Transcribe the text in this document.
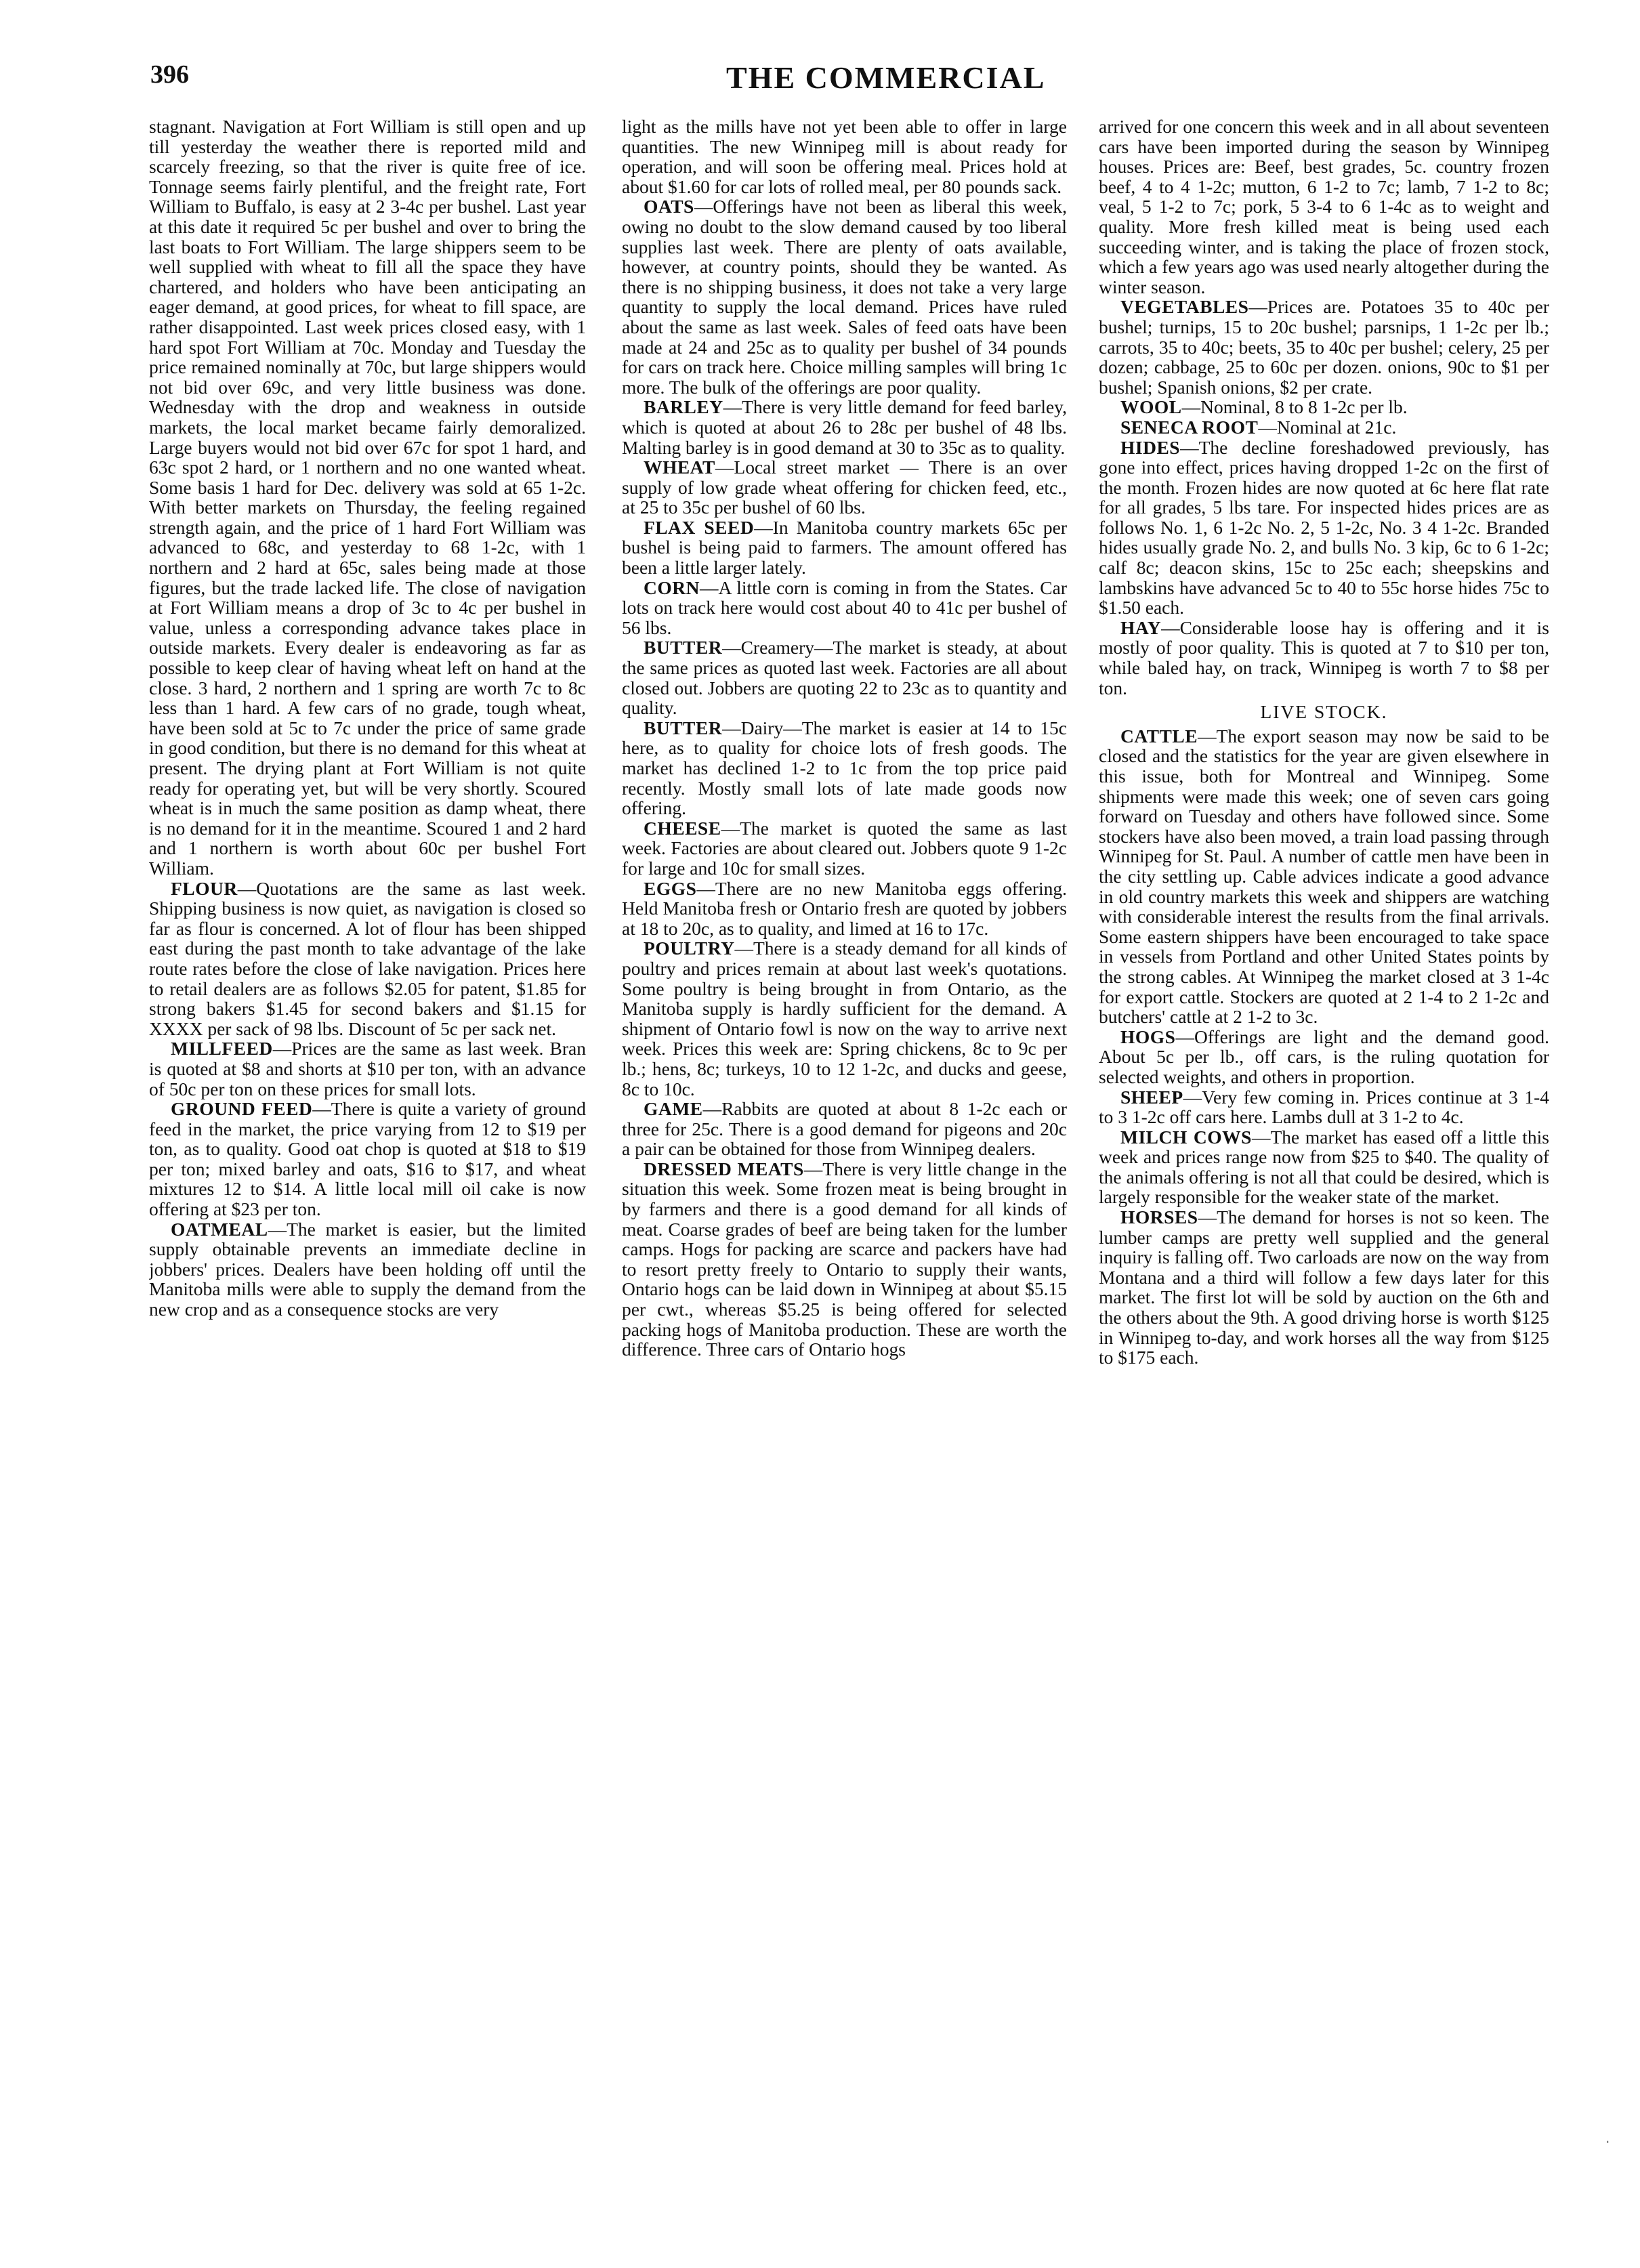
396	THE COMMERCIAL

stagnant. Navigation at Fort William is still open and up till yesterday the weather there is reported mild and scarcely freezing, so that the river is quite free of ice. Tonnage seems fairly plentiful, and the freight rate, Fort William to Buffalo, is easy at 2 3-4c per bushel. Last year at this date it required 5c per bushel and over to bring the last boats to Fort William. The large shippers seem to be well supplied with wheat to fill all the space they have chartered, and holders who have been anticipating an eager demand, at good prices, for wheat to fill space, are rather disappointed. Last week prices closed easy, with 1 hard spot Fort William at 70c. Monday and Tuesday the price remained nominally at 70c, but large shippers would not bid over 69c, and very little business was done. Wednesday with the drop and weakness in outside markets, the local market became fairly demoralized. Large buyers would not bid over 67c for spot 1 hard, and 63c spot 2 hard, or 1 northern and no one wanted wheat. Some basis 1 hard for Dec. delivery was sold at 65 1-2c. With better markets on Thursday, the feeling regained strength again, and the price of 1 hard Fort William was advanced to 68c, and yesterday to 68 1-2c, with 1 northern and 2 hard at 65c, sales being made at those figures, but the trade lacked life. The close of navigation at Fort William means a drop of 3c to 4c per bushel in value, unless a corresponding advance takes place in outside markets. Every dealer is endeavoring as far as possible to keep clear of having wheat left on hand at the close. 3 hard, 2 northern and 1 spring are worth 7c to 8c less than 1 hard. A few cars of no grade, tough wheat, have been sold at 5c to 7c under the price of same grade in good condition, but there is no demand for this wheat at present. The drying plant at Fort William is not quite ready for operating yet, but will be very shortly. Scoured wheat is in much the same position as damp wheat, there is no demand for it in the meantime. Scoured 1 and 2 hard and 1 northern is worth about 60c per bushel Fort William.

FLOUR—Quotations are the same as last week. Shipping business is now quiet, as navigation is closed so far as flour is concerned. A lot of flour has been shipped east during the past month to take advantage of the lake route rates before the close of lake navigation. Prices here to retail dealers are as follows $2.05 for patent, $1.85 for strong bakers $1.45 for second bakers and $1.15 for XXXX per sack of 98 lbs. Discount of 5c per sack net.

MILLFEED—Prices are the same as last week. Bran is quoted at $8 and shorts at $10 per ton, with an advance of 50c per ton on these prices for small lots.

GROUND FEED—There is quite a variety of ground feed in the market, the price varying from 12 to $19 per ton, as to quality. Good oat chop is quoted at $18 to $19 per ton; mixed barley and oats, $16 to $17, and wheat mixtures 12 to $14. A little local mill oil cake is now offering at $23 per ton.

OATMEAL—The market is easier, but the limited supply obtainable prevents an immediate decline in jobbers' prices. Dealers have been holding off until the Manitoba mills were able to supply the demand from the new crop and as a consequence stocks are very

light as the mills have not yet been able to offer in large quantities. The new Winnipeg mill is about ready for operation, and will soon be offering meal. Prices hold at about $1.60 for car lots of rolled meal, per 80 pounds sack.

OATS—Offerings have not been as liberal this week, owing no doubt to the slow demand caused by too liberal supplies last week. There are plenty of oats available, however, at country points, should they be wanted. As there is no shipping business, it does not take a very large quantity to supply the local demand. Prices have ruled about the same as last week. Sales of feed oats have been made at 24 and 25c as to quality per bushel of 34 pounds for cars on track here. Choice milling samples will bring 1c more. The bulk of the offerings are poor quality.

BARLEY—There is very little demand for feed barley, which is quoted at about 26 to 28c per bushel of 48 lbs. Malting barley is in good demand at 30 to 35c as to quality.

WHEAT—Local street market — There is an over supply of low grade wheat offering for chicken feed, etc., at 25 to 35c per bushel of 60 lbs.

FLAX SEED—In Manitoba country markets 65c per bushel is being paid to farmers. The amount offered has been a little larger lately.

CORN—A little corn is coming in from the States. Car lots on track here would cost about 40 to 41c per bushel of 56 lbs.

BUTTER—Creamery—The market is steady, at about the same prices as quoted last week. Factories are all about closed out. Jobbers are quoting 22 to 23c as to quantity and quality.

BUTTER—Dairy—The market is easier at 14 to 15c here, as to quality for choice lots of fresh goods. The market has declined 1-2 to 1c from the top price paid recently. Mostly small lots of late made goods now offering.

CHEESE—The market is quoted the same as last week. Factories are about cleared out. Jobbers quote 9 1-2c for large and 10c for small sizes.

EGGS—There are no new Manitoba eggs offering. Held Manitoba fresh or Ontario fresh are quoted by jobbers at 18 to 20c, as to quality, and limed at 16 to 17c.

POULTRY—There is a steady demand for all kinds of poultry and prices remain at about last week's quotations. Some poultry is being brought in from Ontario, as the Manitoba supply is hardly sufficient for the demand. A shipment of Ontario fowl is now on the way to arrive next week. Prices this week are: Spring chickens, 8c to 9c per lb.; hens, 8c; turkeys, 10 to 12 1-2c, and ducks and geese, 8c to 10c.

GAME—Rabbits are quoted at about 8 1-2c each or three for 25c. There is a good demand for pigeons and 20c a pair can be obtained for those from Winnipeg dealers.

DRESSED MEATS—There is very little change in the situation this week. Some frozen meat is being brought in by farmers and there is a good demand for all kinds of meat. Coarse grades of beef are being taken for the lumber camps. Hogs for packing are scarce and packers have had to resort pretty freely to Ontario to supply their wants, Ontario hogs can be laid down in Winnipeg at about $5.15 per cwt., whereas $5.25 is being offered for selected packing hogs of Manitoba production. These are worth the difference. Three cars of Ontario hogs

arrived for one concern this week and in all about seventeen cars have been imported during the season by Winnipeg houses. Prices are: Beef, best grades, 5c. country frozen beef, 4 to 4 1-2c; mutton, 6 1-2 to 7c; lamb, 7 1-2 to 8c; veal, 5 1-2 to 7c; pork, 5 3-4 to 6 1-4c as to weight and quality. More fresh killed meat is being used each succeeding winter, and is taking the place of frozen stock, which a few years ago was used nearly altogether during the winter season.

VEGETABLES—Prices are. Potatoes 35 to 40c per bushel; turnips, 15 to 20c bushel; parsnips, 1 1-2c per lb.; carrots, 35 to 40c; beets, 35 to 40c per bushel; celery, 25 per dozen; cabbage, 25 to 60c per dozen. onions, 90c to $1 per bushel; Spanish onions, $2 per crate.

WOOL—Nominal, 8 to 8 1-2c per lb.

SENECA ROOT—Nominal at 21c.

HIDES—The decline foreshadowed previously, has gone into effect, prices having dropped 1-2c on the first of the month. Frozen hides are now quoted at 6c here flat rate for all grades, 5 lbs tare. For inspected hides prices are as follows No. 1, 6 1-2c No. 2, 5 1-2c, No. 3 4 1-2c. Branded hides usually grade No. 2, and bulls No. 3 kip, 6c to 6 1-2c; calf 8c; deacon skins, 15c to 25c each; sheepskins and lambskins have advanced 5c to 40 to 55c horse hides 75c to $1.50 each.

HAY—Considerable loose hay is offering and it is mostly of poor quality. This is quoted at 7 to $10 per ton, while baled hay, on track, Winnipeg is worth 7 to $8 per ton.

LIVE STOCK.

CATTLE—The export season may now be said to be closed and the statistics for the year are given elsewhere in this issue, both for Montreal and Winnipeg. Some shipments were made this week; one of seven cars going forward on Tuesday and others have followed since. Some stockers have also been moved, a train load passing through Winnipeg for St. Paul. A number of cattle men have been in the city settling up. Cable advices indicate a good advance in old country markets this week and shippers are watching with considerable interest the results from the final arrivals. Some eastern shippers have been encouraged to take space in vessels from Portland and other United States points by the strong cables. At Winnipeg the market closed at 3 1-4c for export cattle. Stockers are quoted at 2 1-4 to 2 1-2c and butchers' cattle at 2 1-2 to 3c.

HOGS—Offerings are light and the demand good. About 5c per lb., off cars, is the ruling quotation for selected weights, and others in proportion.

SHEEP—Very few coming in. Prices continue at 3 1-4 to 3 1-2c off cars here. Lambs dull at 3 1-2 to 4c.

MILCH COWS—The market has eased off a little this week and prices range now from $25 to $40. The quality of the animals offering is not all that could be desired, which is largely responsible for the weaker state of the market.

HORSES—The demand for horses is not so keen. The lumber camps are pretty well supplied and the general inquiry is falling off. Two carloads are now on the way from Montana and a third will follow a few days later for this market. The first lot will be sold by auction on the 6th and the others about the 9th. A good driving horse is worth $125 in Winnipeg to-day, and work horses all the way from $125 to $175 each.

·
